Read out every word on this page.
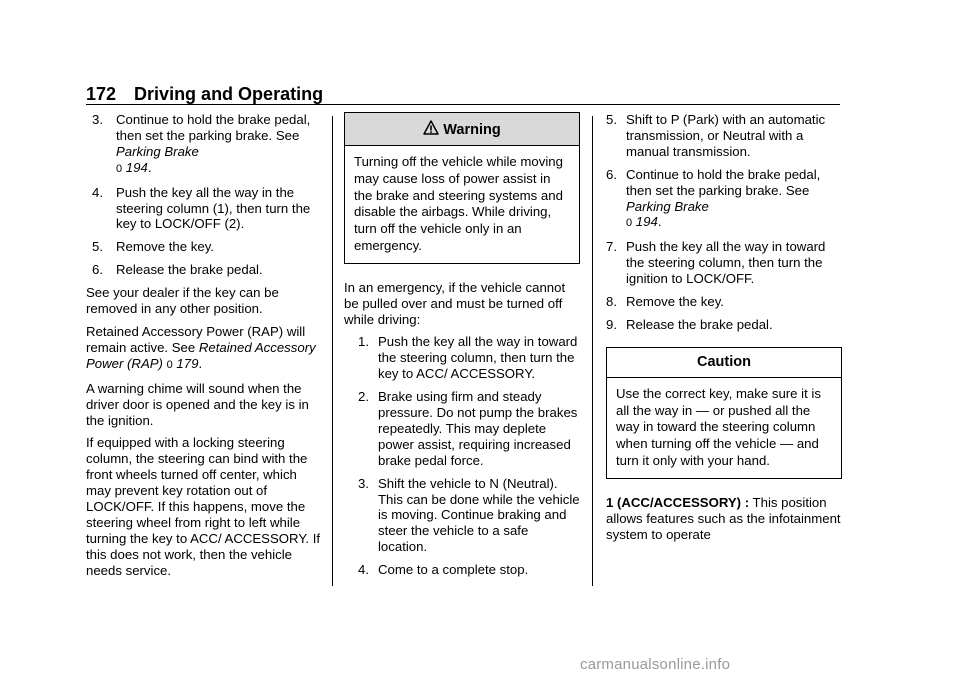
172 Driving and Operating
3. Continue to hold the brake pedal, then set the parking brake. See Parking Brake
0 194.
4. Push the key all the way in the steering column (1), then turn the key to LOCK/OFF (2).
5. Remove the key.
6. Release the brake pedal.

See your dealer if the key can be removed in any other position.

Retained Accessory Power (RAP) will remain active. See Retained Accessory Power (RAP) 0 179.

A warning chime will sound when the driver door is opened and the key is in the ignition.

If equipped with a locking steering column, the steering can bind with the front wheels turned off center, which may prevent key rotation out of LOCK/OFF. If this happens, move the steering wheel from right to left while turning the key to ACC/ ACCESSORY. If this does not work, then the vehicle needs service.

Warning
Turning off the vehicle while moving may cause loss of power assist in the brake and steering systems and disable the airbags. While driving, turn off the vehicle only in an emergency.

In an emergency, if the vehicle cannot be pulled over and must be turned off while driving:

1. Push the key all the way in toward the steering column, then turn the key to ACC/ ACCESSORY.
2. Brake using firm and steady pressure. Do not pump the brakes repeatedly. This may deplete power assist, requiring increased brake pedal force.
3. Shift the vehicle to N (Neutral). This can be done while the vehicle is moving. Continue braking and steer the vehicle to a safe location.
4. Come to a complete stop.
5. Shift to P (Park) with an automatic transmission, or Neutral with a manual transmission.
6. Continue to hold the brake pedal, then set the parking brake. See Parking Brake
0 194.
7. Push the key all the way in toward the steering column, then turn the ignition to LOCK/OFF.
8. Remove the key.
9. Release the brake pedal.
Caution
Use the correct key, make sure it is all the way in — or pushed all the way in toward the steering column when turning off the vehicle — and turn it only with your hand.

1 (ACC/ACCESSORY) : This position allows features such as the infotainment system to operate

carmanualsonline.info
